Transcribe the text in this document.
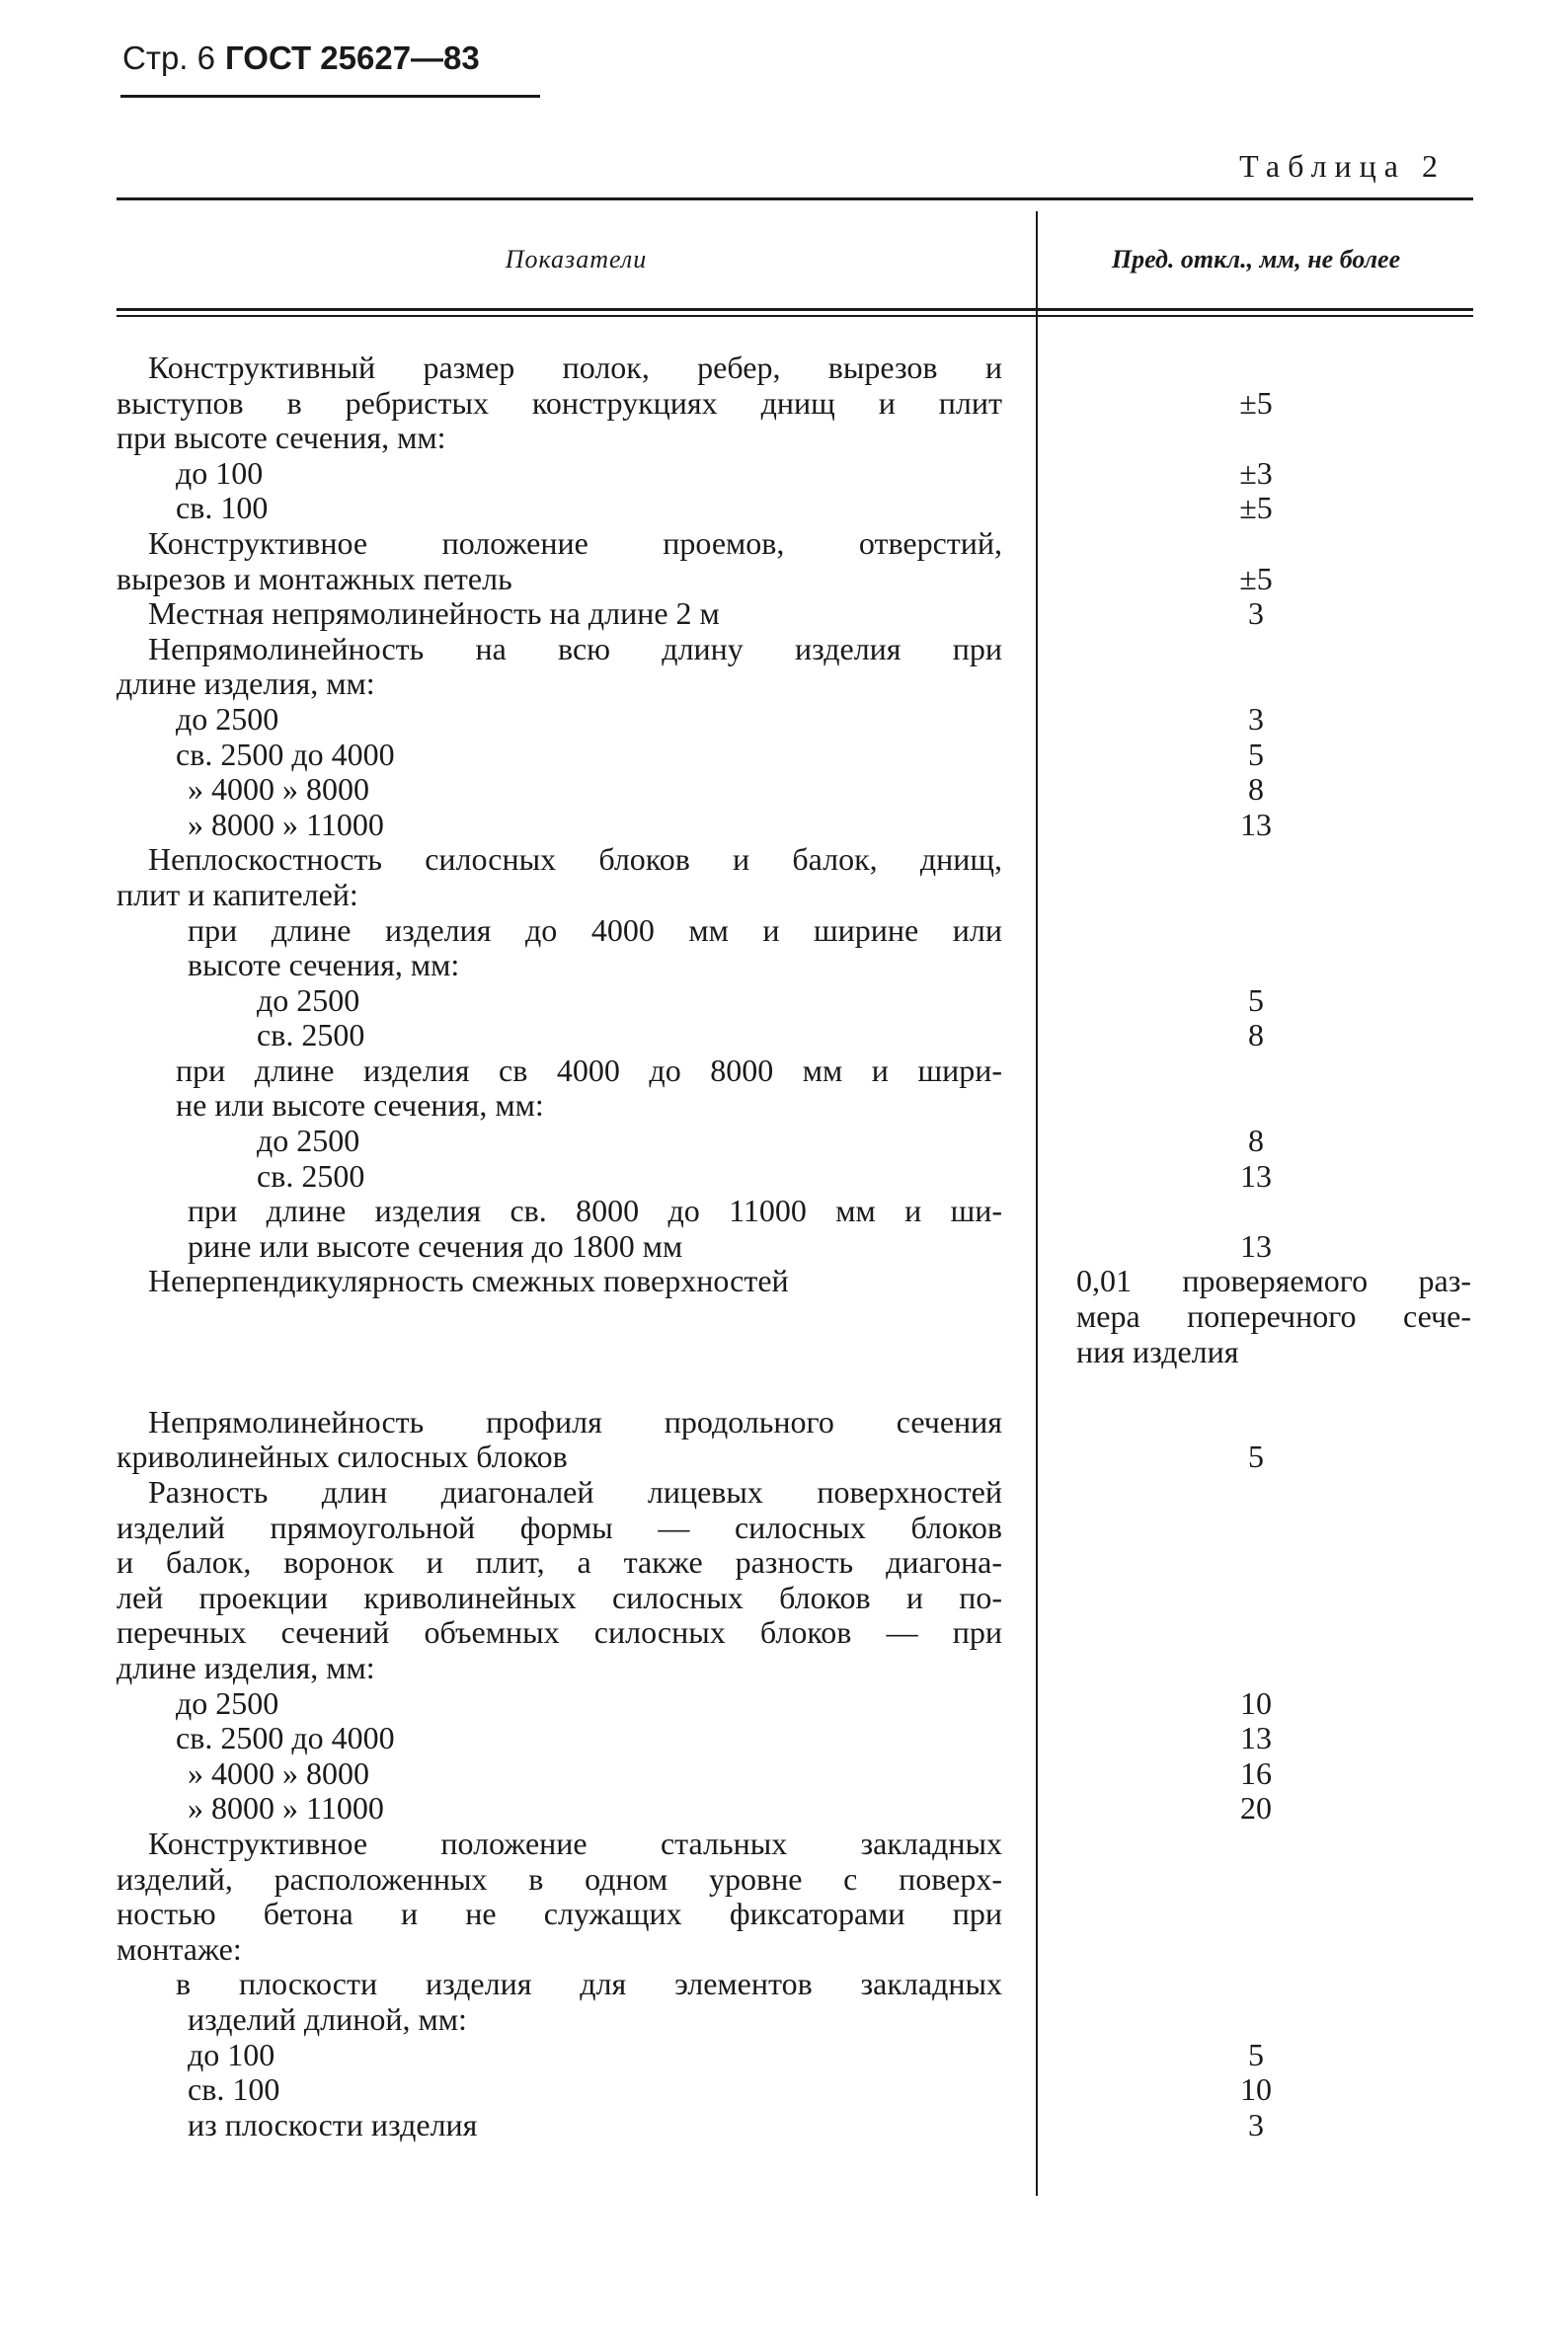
Стр. 6 ГОСТ 25627—83
Таблица 2
Показатели	Пред. откл., мм, не более
Конструктивный размер полок, ребер, вырезов и
выступов в ребристых конструкциях днищ и плит	±5
при высоте сечения, мм:
до 100	±3
св. 100	±5
Конструктивное положение проемов, отверстий,
вырезов и монтажных петель	±5
Местная непрямолинейность на длине 2 м	3
Непрямолинейность на всю длину изделия при
длине изделия, мм:
до 2500	3
св. 2500 до 4000	5
» 4000 » 8000	8
» 8000 » 11000	13
Неплоскостность силосных блоков и балок, днищ,
плит и капителей:
при длине изделия до 4000 мм и ширине или
высоте сечения, мм:
до 2500	5
св. 2500	8
при длине изделия св 4000 до 8000 мм и шири-
не или высоте сечения, мм:
до 2500	8
св. 2500	13
при длине изделия св. 8000 до 11000 мм и ши-
рине или высоте сечения до 1800 мм	13
Неперпендикулярность смежных поверхностей	0,01 проверяемого раз-
мера поперечного сече-
ния изделия
Непрямолинейность профиля продольного сечения
криволинейных силосных блоков	5
Разность длин диагоналей лицевых поверхностей
изделий прямоугольной формы — силосных блоков
и балок, воронок и плит, а также разность диагона-
лей проекции криволинейных силосных блоков и по-
перечных сечений объемных силосных блоков — при
длине изделия, мм:
до 2500	10
св. 2500 до 4000	13
» 4000 » 8000	16
» 8000 » 11000	20
Конструктивное положение стальных закладных
изделий, расположенных в одном уровне с поверх-
ностью бетона и не служащих фиксаторами при
монтаже:
в плоскости изделия для элементов закладных
изделий длиной, мм:
до 100	5
св. 100	10
из плоскости изделия	3
